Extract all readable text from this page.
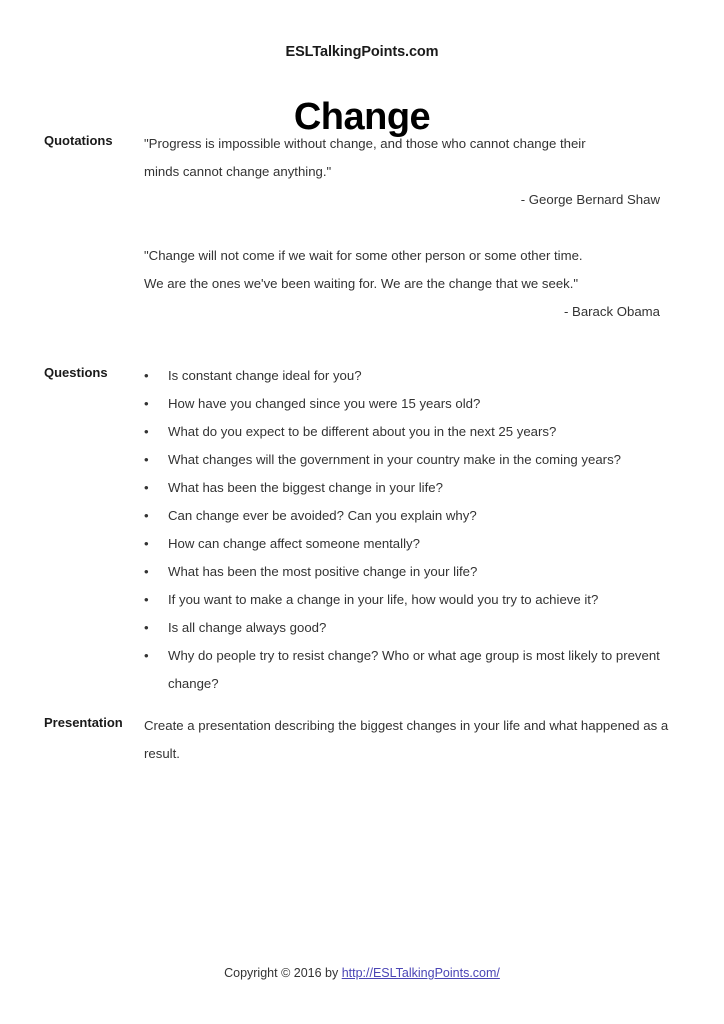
ESLTalkingPoints.com
Change
Quotations	"Progress is impossible without change, and those who cannot change their minds cannot change anything."
- George Bernard Shaw
"Change will not come if we wait for some other person or some other time. We are the ones we've been waiting for. We are the change that we seek."
- Barack Obama
Questions	• Is constant change ideal for you?
• How have you changed since you were 15 years old?
• What do you expect to be different about you in the next 25 years?
• What changes will the government in your country make in the coming years?
• What has been the biggest change in your life?
• Can change ever be avoided? Can you explain why?
• How can change affect someone mentally?
• What has been the most positive change in your life?
• If you want to make a change in your life, how would you try to achieve it?
• Is all change always good?
• Why do people try to resist change? Who or what age group is most likely to prevent change?
Presentation	Create a presentation describing the biggest changes in your life and what happened as a result.
Copyright © 2016 by http://ESLTalkingPoints.com/
